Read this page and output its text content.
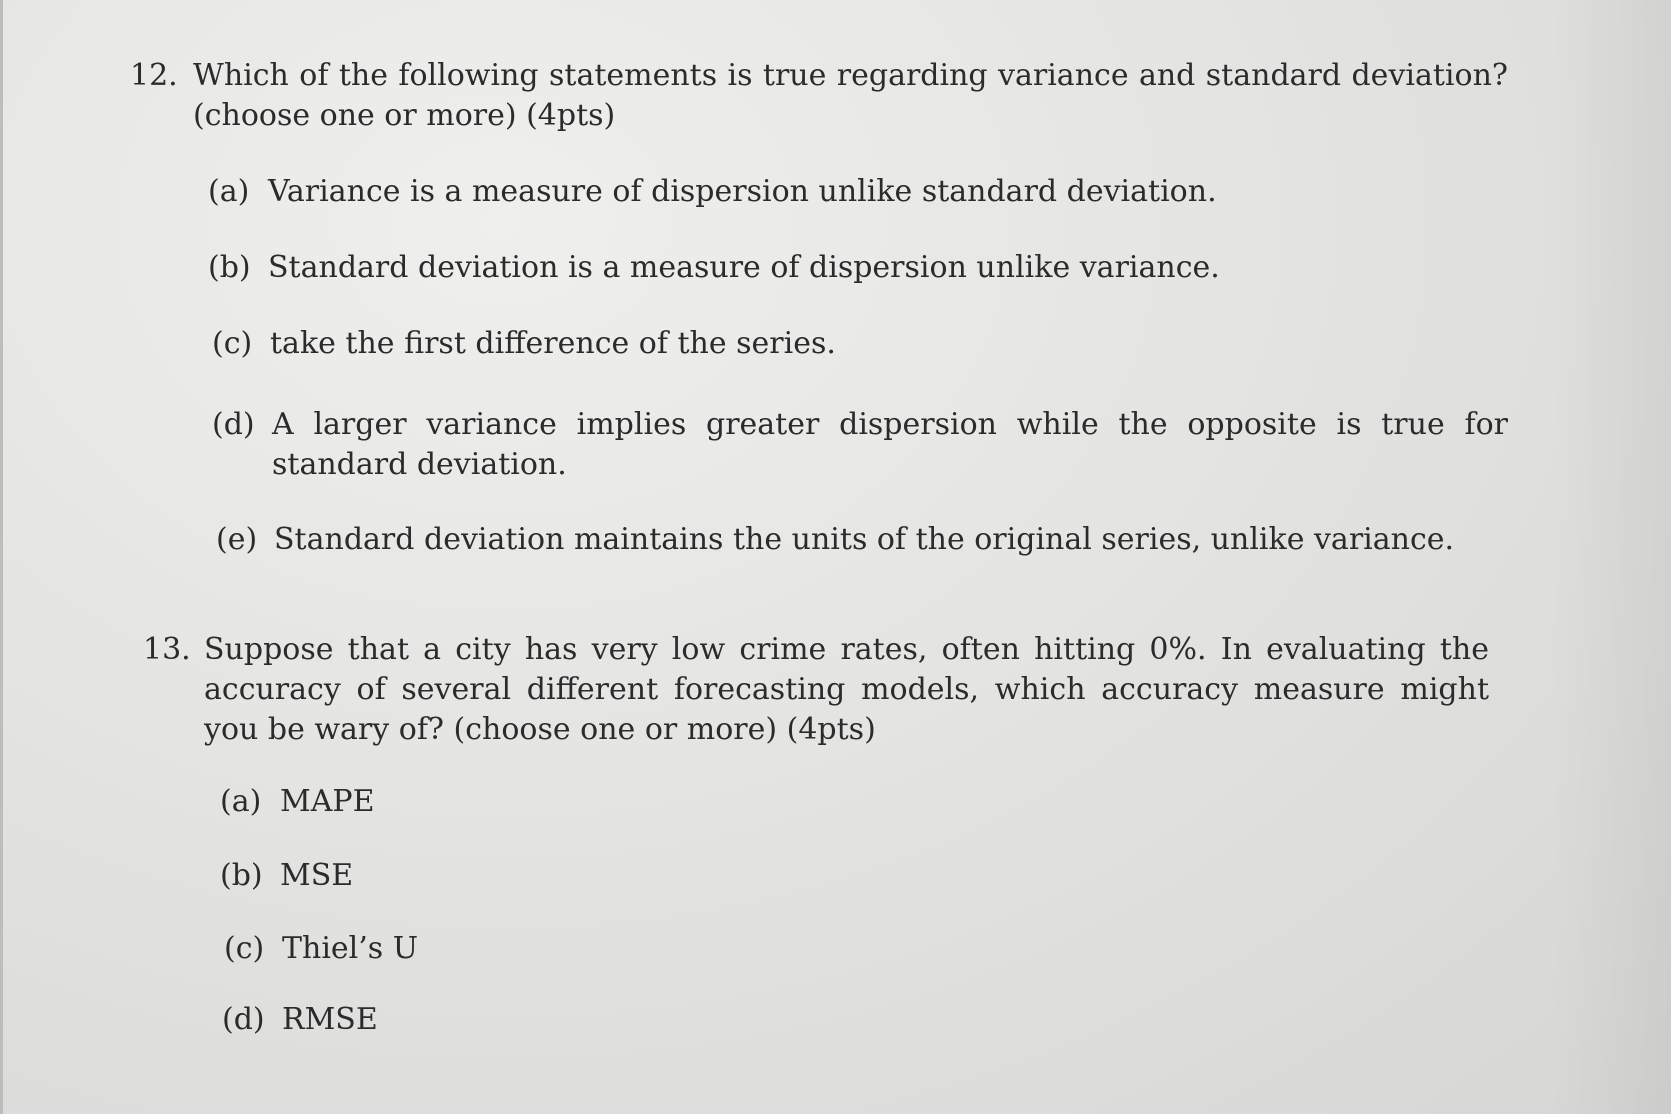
12. Which of the following statements is true regarding variance and standard deviation? (choose one or more) (4pts)
(a) Variance is a measure of dispersion unlike standard deviation.
(b) Standard deviation is a measure of dispersion unlike variance.
(c) take the first difference of the series.
(d) A larger variance implies greater dispersion while the opposite is true for standard deviation.
(e) Standard deviation maintains the units of the original series, unlike variance.
13. Suppose that a city has very low crime rates, often hitting 0%. In evaluating the accuracy of several different forecasting models, which accuracy measure might you be wary of? (choose one or more) (4pts)
(a) MAPE
(b) MSE
(c) Thiel’s U
(d) RMSE
